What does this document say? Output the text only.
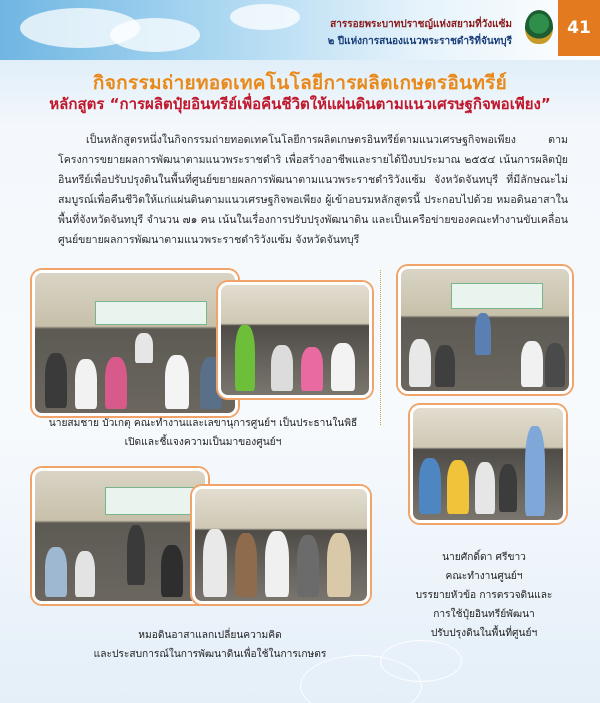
สารรอยพระบาทปราชญ์แห่งสยามที่วังแซ้ม
๒ ปีแห่งการสนองแนวพระราชดำริที่จันทบุรี
41
กิจกรรมถ่ายทอดเทคโนโลยีการผลิตเกษตรอินทรีย์
หลักสูตร “การผลิตปุ๋ยอินทรีย์เพื่อคืนชีวิตให้แผ่นดินตามแนวเศรษฐกิจพอเพียง”
เป็นหลักสูตรหนึ่งในกิจกรรมถ่ายทอดเทคโนโลยีการผลิตเกษตรอินทรีย์ตามแนวเศรษฐกิจพอเพียง ตามโครงการขยายผลการพัฒนาตามแนวพระราชดำริ เพื่อสร้างอาชีพและรายได้ปีงบประมาณ ๒๕๕๔ เน้นการผลิตปุ๋ยอินทรีย์เพื่อปรับปรุงดินในพื้นที่ศูนย์ขยายผลการพัฒนาตามแนวพระราชดำริวังแซ้ม จังหวัดจันทบุรี ที่มีลักษณะไม่สมบูรณ์เพื่อคืนชีวิตให้แก่แผ่นดินตามแนวเศรษฐกิจพอเพียง ผู้เข้าอบรมหลักสูตรนี้ ประกอบไปด้วย หมอดินอาสาในพื้นที่จังหวัดจันทบุรี จำนวน ๗๑ คน เน้นในเรื่องการปรับปรุงพัฒนาดิน และเป็นเครือข่ายของคณะทำงานขับเคลื่อนศูนย์ขยายผลการพัฒนาตามแนวพระราชดำริวังแซ้ม จังหวัดจันทบุรี
นายสมชาย บัวเกตุ คณะทำงานและเลขานุการศูนย์ฯ เป็นประธานในพิธี
เปิดและชี้แจงความเป็นมาของศูนย์ฯ
นายศักดิ์ดา ศรีขาว
คณะทำงานศูนย์ฯ
บรรยายหัวข้อ การตรวจดินและ
การใช้ปุ๋ยอินทรีย์พัฒนา
ปรับปรุงดินในพื้นที่ศูนย์ฯ
หมอดินอาสาแลกเปลี่ยนความคิด
และประสบการณ์ในการพัฒนาดินเพื่อใช้ในการเกษตร
